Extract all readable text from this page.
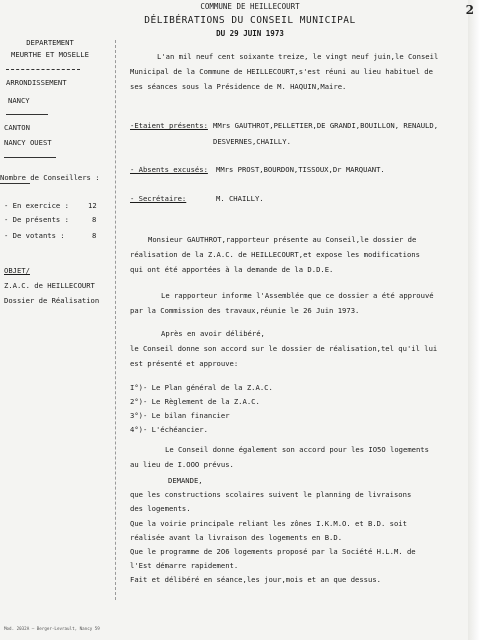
2
COMMUNE DE HEILLECOURT
DÉLIBÉRATIONS DU CONSEIL MUNICIPAL
DU 29 JUIN 1973
DEPARTEMENT
MEURTHE ET MOSELLE
ARRONDISSEMENT
NANCY
CANTON
NANCY OUEST
Nombre de Conseillers :
- En exercice :	12
- De présents :	8
- De votants :	8
OBJET/
Z.A.C. de HEILLECOURT
Dossier de Réalisation
L'an mil neuf cent soixante treize, le vingt neuf juin,le Conseil
Municipal de la Commune de HEILLECOURT,s'est réuni au lieu habituel de
ses séances sous la Présidence de M. HAQUIN,Maire.
-Etaient présents: MMrs GAUTHROT,PELLETIER,DE GRANDI,BOUILLON, RENAULD,
DESVERNES,CHAILLY.
- Absents excusés: MMrs PROST,BOURDON,TISSOUX,Dr MARQUANT.
- Secrétaire:	M. CHAILLY.
Monsieur GAUTHROT,rapporteur présente au Conseil,le dossier de
réalisation de la Z.A.C. de HEILLECOURT,et expose les modifications
qui ont été apportées à la demande de la D.D.E.
Le rapporteur informe l'Assemblée que ce dossier a été approuvé
par la Commission des travaux,réunie le 26 Juin 1973.
Après en avoir délibéré,
le Conseil donne son accord sur le dossier de réalisation,tel qu'il lui
est présenté et approuve:
I°)- Le Plan général de la Z.A.C.
2°)- Le Règlement de la Z.A.C.
3°)- Le bilan financier
4°)- L'échéancier.
Le Conseil donne également son accord pour les IO5O logements
au lieu de I.OOO prévus.
DEMANDE,
que les constructions scolaires suivent le planning de livraisons
des logements.
Que la voirie principale reliant les zônes I.K.M.O. et B.D. soit
réalisée avant la livraison des logements en B.D.
Que le programme de 2O6 logements proposé par la Société H.L.M. de
l'Est démarre rapidement.
Fait et délibéré en séance,les jour,mois et an que dessus.
Mod. 2032A — Berger-Levrault, Nancy 59
